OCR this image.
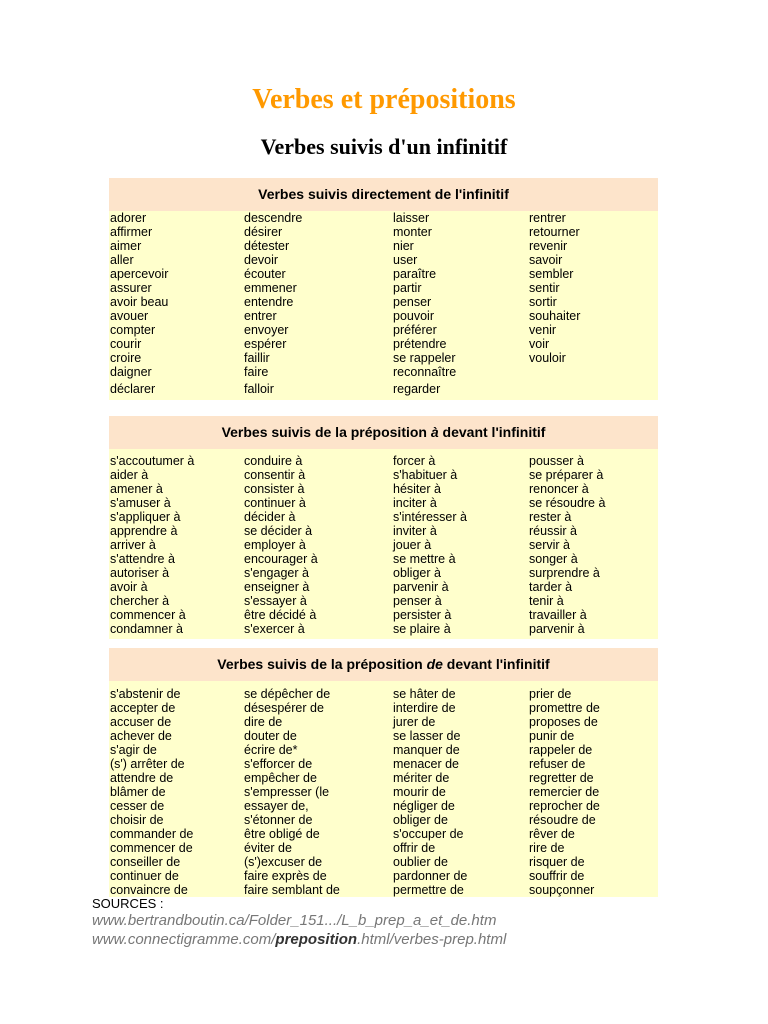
Verbes et prépositions
Verbes suivis d'un infinitif
Verbes suivis directement de l'infinitif
adorer	descendre	laisser	rentrer
affirmer	désirer	monter	retourner
aimer	détester	nier	revenir
aller	devoir	user	savoir
apercevoir	écouter	paraître	sembler
assurer	emmener	partir	sentir
avoir beau	entendre	penser	sortir
avouer	entrer	pouvoir	souhaiter
compter	envoyer	préférer	venir
courir	espérer	prétendre	voir
croire	faillir	se rappeler	vouloir
daigner	faire	reconnaître
déclarer	falloir	regarder
Verbes suivis de la préposition à devant l'infinitif
s'accoutumer à	conduire à	forcer à	pousser à
aider à	consentir à	s'habituer à	se préparer à
amener à	consister à	hésiter à	renoncer à
s'amuser à	continuer à	inciter à	se résoudre à
s'appliquer à	décider à	s'intéresser à	rester à
apprendre à	se décider à	inviter à	réussir à
arriver à	employer à	jouer à	servir à
s'attendre à	encourager à	se mettre à	songer à
autoriser à	s'engager à	obliger à	surprendre à
avoir à	enseigner à	parvenir à	tarder à
chercher à	s'essayer à	penser à	tenir à
commencer à	être décidé à	persister à	travailler à
condamner à	s'exercer à	se plaire à	parvenir à
Verbes suivis de la préposition de devant l'infinitif
s'abstenir de	se dépêcher de	se hâter de	prier de
accepter de	désespérer de	interdire de	promettre de
accuser de	dire de	jurer de	proposes de
achever de	douter de	se lasser de	punir de
s'agir de	écrire de*	manquer de	rappeler de
(s') arrêter de	s'efforcer de	menacer de	refuser de
attendre de	empêcher de	mériter de	regretter de
blâmer de	s'empresser (le	mourir de	remercier de
cesser de	essayer de,	négliger de	reprocher de
choisir de	s'étonner de	obliger de	résoudre de
commander de	être obligé de	s'occuper de	rêver de
commencer de	éviter de	offrir de	rire de
conseiller de	(s')excuser de	oublier de	risquer de
continuer de	faire exprès de	pardonner de	souffrir de
convaincre de	faire semblant de	permettre de	soupçonner
SOURCES :
www.bertrandboutin.ca/Folder_151.../L_b_prep_a_et_de.htm
www.connectigramme.com/preposition.html/verbes-prep.html
